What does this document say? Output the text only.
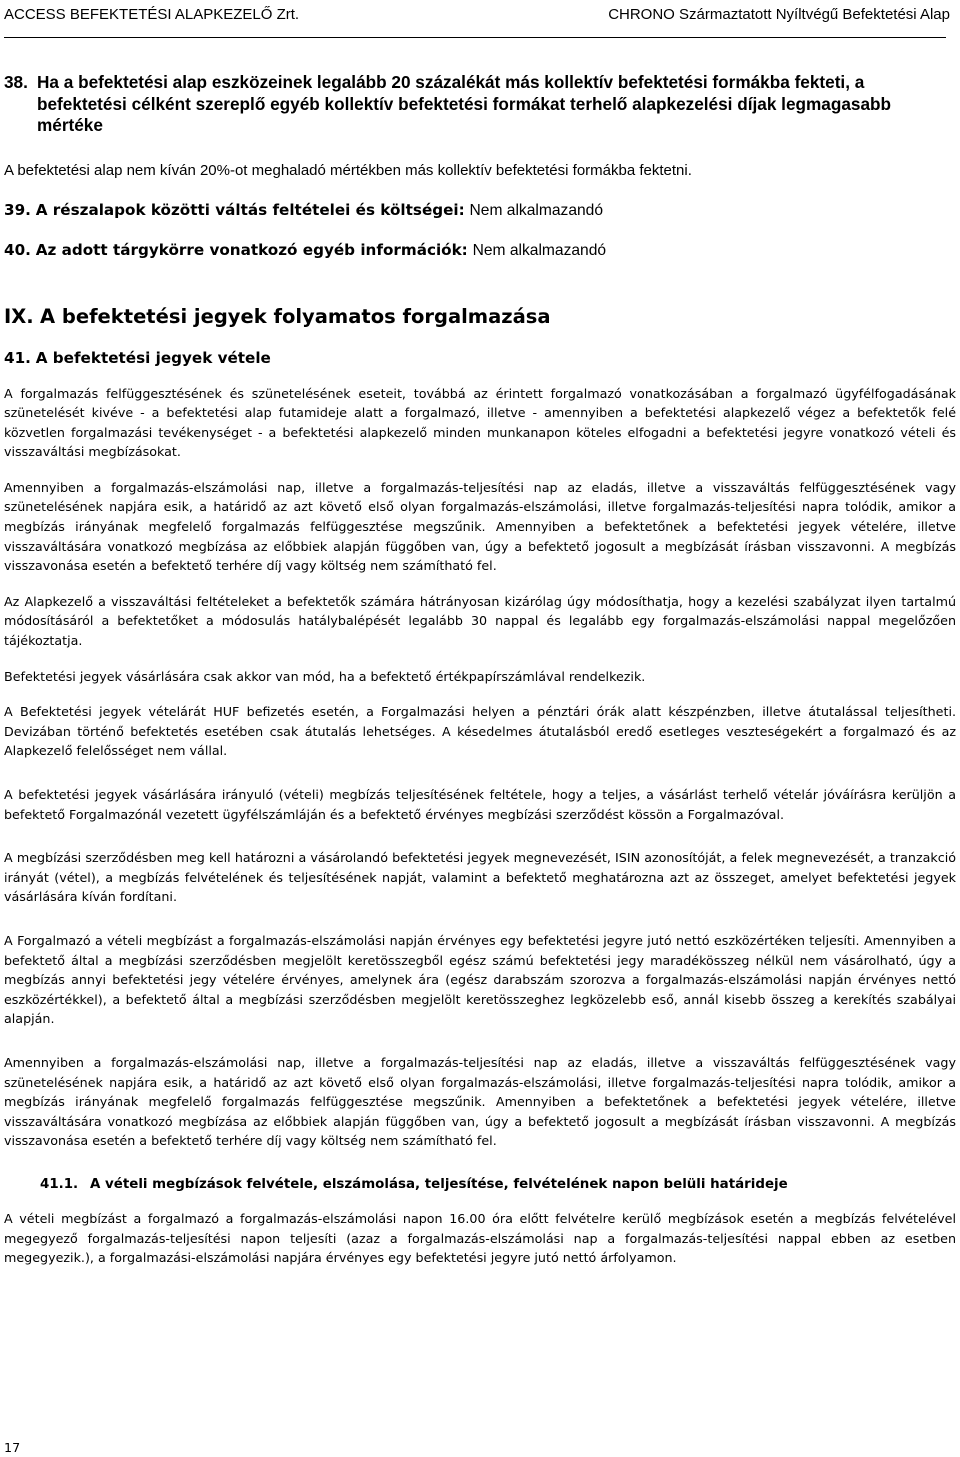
ACCESS BEFEKTETÉSI ALAPKEZELŐ Zrt.	CHRONO Származtatott Nyíltvégű Befektetési Alap
38. Ha a befektetési alap eszközeinek legalább 20 százalékát más kollektív befektetési formákba fekteti, a befektetési célként szereplő egyéb kollektív befektetési formákat terhelő alapkezelési díjak legmagasabb mértéke

A befektetési alap nem kíván 20%-ot meghaladó mértékben más kollektív befektetési formákba fektetni.

39. A részalapok közötti váltás feltételei és költségei: Nem alkalmazandó

40. Az adott tárgykörre vonatkozó egyéb információk: Nem alkalmazandó

IX. A befektetési jegyek folyamatos forgalmazása

41. A befektetési jegyek vétele

A forgalmazás felfüggesztésének és szünetelésének eseteit, továbbá az érintett forgalmazó vonatkozásában a forgalmazó ügyfélfogadásának szünetelését kivéve - a befektetési alap futamideje alatt a forgalmazó, illetve - amennyiben a befektetési alapkezelő végez a befektetők felé közvetlen forgalmazási tevékenységet - a befektetési alapkezelő minden munkanapon köteles elfogadni a befektetési jegyre vonatkozó vételi és visszaváltási megbízásokat.

Amennyiben a forgalmazás-elszámolási nap, illetve a forgalmazás-teljesítési nap az eladás, illetve a visszaváltás felfüggesztésének vagy szünetelésének napjára esik, a határidő az azt követő első olyan forgalmazás-elszámolási, illetve forgalmazás-teljesítési napra tolódik, amikor a megbízás irányának megfelelő forgalmazás felfüggesztése megszűnik. Amennyiben a befektetőnek a befektetési jegyek vételére, illetve visszaváltására vonatkozó megbízása az előbbiek alapján függőben van, úgy a befektető jogosult a megbízását írásban visszavonni. A megbízás visszavonása esetén a befektető terhére díj vagy költség nem számítható fel.

Az Alapkezelő a visszaváltási feltételeket a befektetők számára hátrányosan kizárólag úgy módosíthatja, hogy a kezelési szabályzat ilyen tartalmú módosításáról a befektetőket a módosulás hatálybalépését legalább 30 nappal és legalább egy forgalmazás-elszámolási nappal megelőzően tájékoztatja.

Befektetési jegyek vásárlására csak akkor van mód, ha a befektető értékpapírszámlával rendelkezik.

A Befektetési jegyek vételárát HUF befizetés esetén, a Forgalmazási helyen a pénztári órák alatt készpénzben, illetve átutalással teljesítheti. Devizában történő befektetés esetében csak átutalás lehetséges. A késedelmes átutalásból eredő esetleges veszteségekért a forgalmazó és az Alapkezelő felelősséget nem vállal.

A befektetési jegyek vásárlására irányuló (vételi) megbízás teljesítésének feltétele, hogy a teljes, a vásárlást terhelő vételár jóváírásra kerüljön a befektető Forgalmazónál vezetett ügyfélszámláján és a befektető érvényes megbízási szerződést kössön a Forgalmazóval.

A megbízási szerződésben meg kell határozni a vásárolandó befektetési jegyek megnevezését, ISIN azonosítóját, a felek megnevezését, a tranzakció irányát (vétel), a megbízás felvételének és teljesítésének napját, valamint a befektető meghatározna azt az összeget, amelyet befektetési jegyek vásárlására kíván fordítani.

A Forgalmazó a vételi megbízást a forgalmazás-elszámolási napján érvényes egy befektetési jegyre jutó nettó eszközértéken teljesíti. Amennyiben a befektető által a megbízási szerződésben megjelölt keretösszegből egész számú befektetési jegy maradékösszeg nélkül nem vásárolható, úgy a megbízás annyi befektetési jegy vételére érvényes, amelynek ára (egész darabszám szorozva a forgalmazás-elszámolási napján érvényes nettó eszközértékkel), a befektető által a megbízási szerződésben megjelölt keretösszeghez legközelebb eső, annál kisebb összeg a kerekítés szabályai alapján.

Amennyiben a forgalmazás-elszámolási nap, illetve a forgalmazás-teljesítési nap az eladás, illetve a visszaváltás felfüggesztésének vagy szünetelésének napjára esik, a határidő az azt követő első olyan forgalmazás-elszámolási, illetve forgalmazás-teljesítési napra tolódik, amikor a megbízás irányának megfelelő forgalmazás felfüggesztése megszűnik. Amennyiben a befektetőnek a befektetési jegyek vételére, illetve visszaváltására vonatkozó megbízása az előbbiek alapján függőben van, úgy a befektető jogosult a megbízását írásban visszavonni. A megbízás visszavonása esetén a befektető terhére díj vagy költség nem számítható fel.

41.1. A vételi megbízások felvétele, elszámolása, teljesítése, felvételének napon belüli határideje

A vételi megbízást a forgalmazó a forgalmazás-elszámolási napon 16.00 óra előtt felvételre kerülő megbízások esetén a megbízás felvételével megegyező forgalmazás-teljesítési napon teljesíti (azaz a forgalmazás-elszámolási nap a forgalmazás-teljesítési nappal ebben az esetben megegyezik.), a forgalmazási-elszámolási napjára érvényes egy befektetési jegyre jutó nettó árfolyamon.

17
